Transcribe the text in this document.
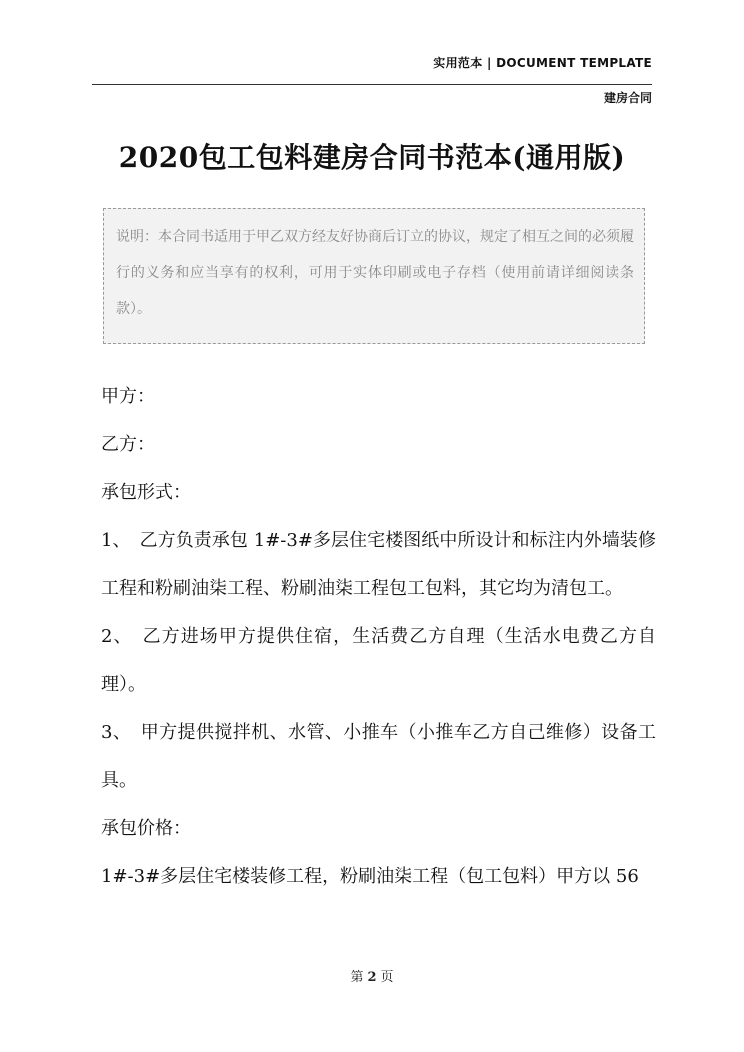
实用范本 | DOCUMENT TEMPLATE
建房合同
2020包工包料建房合同书范本(通用版)
说明：本合同书适用于甲乙双方经友好协商后订立的协议，规定了相互之间的必须履行的义务和应当享有的权利，可用于实体印刷或电子存档（使用前请详细阅读条款）。

甲方：

乙方：

承包形式：

1、　乙方负责承包 1#-3#多层住宅楼图纸中所设计和标注内外墙装修工程和粉刷油柒工程、粉刷油柒工程包工包料，其它均为清包工。

2、　乙方进场甲方提供住宿，生活费乙方自理（生活水电费乙方自理）。

3、　甲方提供搅拌机、水管、小推车（小推车乙方自己维修）设备工具。

承包价格：

1#-3#多层住宅楼装修工程，粉刷油柒工程（包工包料）甲方以 56

第 2 页
